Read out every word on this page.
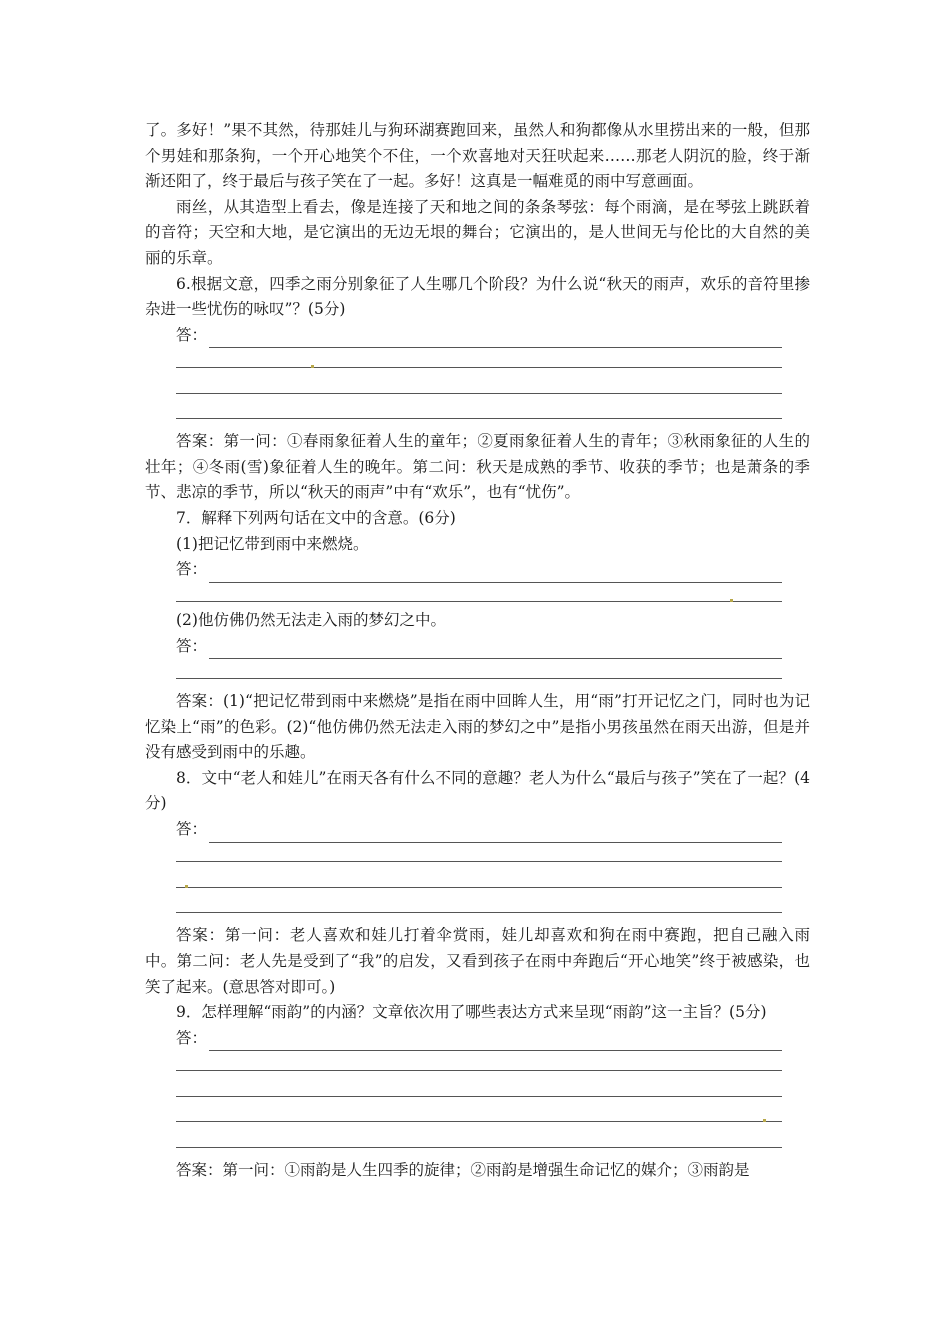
了。多好！”果不其然，待那娃儿与狗环湖赛跑回来，虽然人和狗都像从水里捞出来的一般，但那个男娃和那条狗，一个开心地笑个不住，一个欢喜地对天狂吠起来……那老人阴沉的脸，终于渐渐还阳了，终于最后与孩子笑在了一起。多好！这真是一幅难觅的雨中写意画面。

雨丝，从其造型上看去，像是连接了天和地之间的条条琴弦：每个雨滴，是在琴弦上跳跃着的音符；天空和大地，是它演出的无边无垠的舞台；它演出的，是人世间无与伦比的大自然的美丽的乐章。

6.根据文意，四季之雨分别象征了人生哪几个阶段？为什么说“秋天的雨声，欢乐的音符里掺杂进一些忧伤的咏叹”？(5分)

答：

答案：第一问：①春雨象征着人生的童年；②夏雨象征着人生的青年；③秋雨象征的人生的壮年；④冬雨(雪)象征着人生的晚年。第二问：秋天是成熟的季节、收获的季节；也是萧条的季节、悲凉的季节，所以“秋天的雨声”中有“欢乐”，也有“忧伤”。

7．解释下列两句话在文中的含意。(6分)

(1)把记忆带到雨中来燃烧。

答：

(2)他仿佛仍然无法走入雨的梦幻之中。

答：

答案：(1)“把记忆带到雨中来燃烧”是指在雨中回眸人生，用“雨”打开记忆之门，同时也为记忆染上“雨”的色彩。(2)“他仿佛仍然无法走入雨的梦幻之中”是指小男孩虽然在雨天出游，但是并没有感受到雨中的乐趣。

8．文中“老人和娃儿”在雨天各有什么不同的意趣？老人为什么“最后与孩子”笑在了一起？(4分)

答：

答案：第一问：老人喜欢和娃儿打着伞赏雨，娃儿却喜欢和狗在雨中赛跑，把自己融入雨中。第二问：老人先是受到了“我”的启发，又看到孩子在雨中奔跑后“开心地笑”终于被感染，也笑了起来。(意思答对即可。)

9．怎样理解“雨韵”的内涵？文章依次用了哪些表达方式来呈现“雨韵”这一主旨？(5分)

答：

答案：第一问：①雨韵是人生四季的旋律；②雨韵是增强生命记忆的媒介；③雨韵是
